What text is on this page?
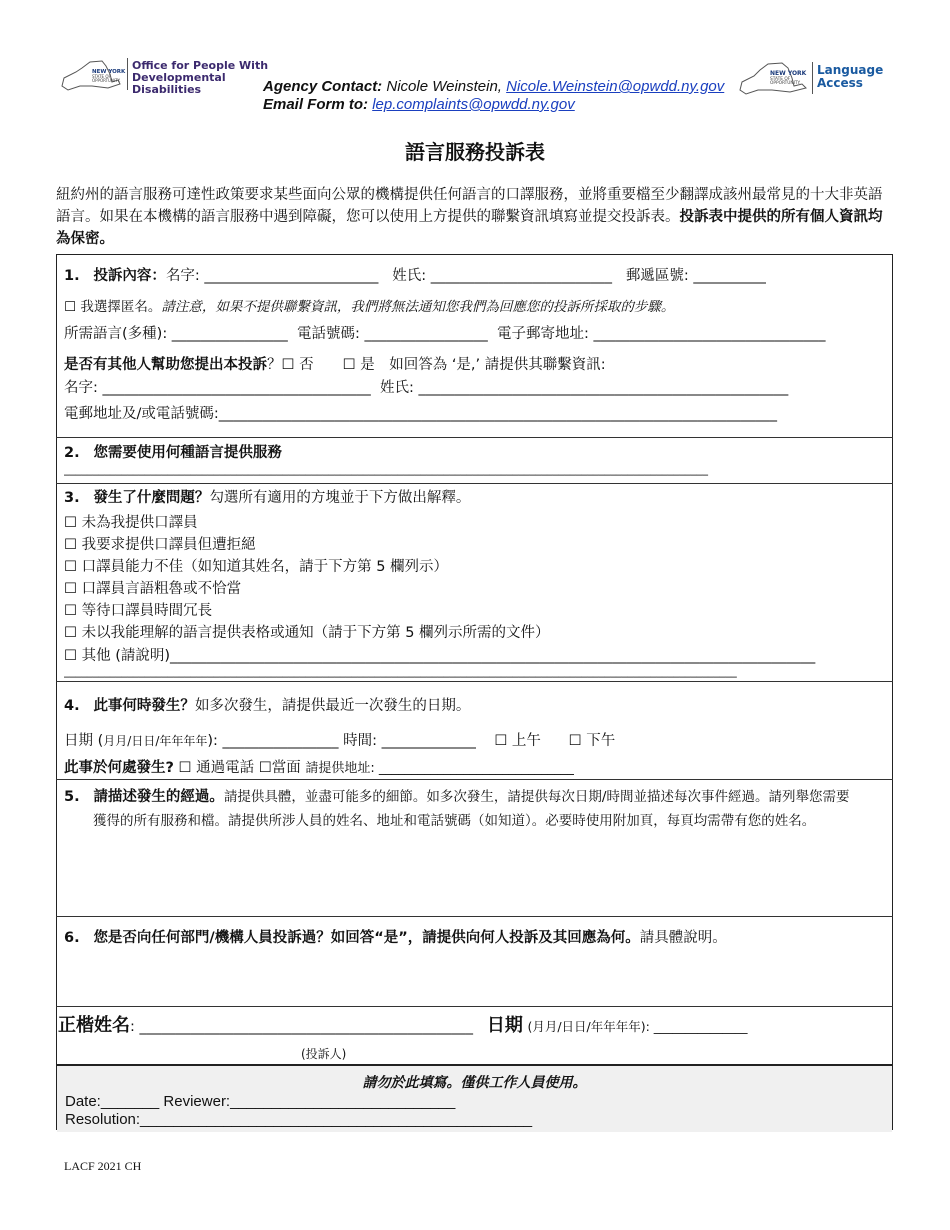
NEW YORK
STATE OF
OPPORTUNITY.
Office for People With Developmental Disabilities	Agency Contact: Nicole Weinstein, Nicole.Weinstein@opwdd.ny.gov
Email Form to: lep.complaints@opwdd.ny.gov
NEW YORK
STATE OF
OPPORTUNITY.
Language Access
語言服務投訴表
紐約州的語言服務可達性政策要求某些面向公眾的機構提供任何語言的口譯服務，並將重要檔至少翻譯成該州最常見的十大非英語語言。如果在本機構的語言服務中遇到障礙，您可以使用上方提供的聯繫資訊填寫並提交投訴表。投訴表中提供的所有個人資訊均為保密。
1. 投訴內容：名字: ________________________ 姓氏: _________________________ 郵遞區號: __________
☐ 我選擇匿名。請注意，如果不提供聯繫資訊，我們將無法通知您我們為回應您的投訴所採取的步驟。
所需語言(多種): ________________ 電話號碼: _________________ 電子郵寄地址: ________________________________
是否有其他人幫助您提出本投訴？☐ 否　　☐ 是　如回答為 ‘是,’ 請提供其聯繫資訊:
名字: _____________________________________ 姓氏: ___________________________________________________
電郵地址及/或電話號碼:_____________________________________________________________________________
2. 您需要使用何種語言提供服務
________________________________________________________________________________________________________________
3. 發生了什麼問題？勾選所有適用的方塊並于下方做出解釋。
☐ 未為我提供口譯員
☐ 我要求提供口譯員但遭拒絕
☐ 口譯員能力不佳（如知道其姓名，請于下方第 5 欄列示）
☐ 口譯員言語粗魯或不恰當
☐ 等待口譯員時間冗長
☐ 未以我能理解的語言提供表格或通知（請于下方第 5 欄列示所需的文件）
☐ 其他 (請說明)_________________________________________________________________________________________
_____________________________________________________________________________________________________________________
4. 此事何時發生？如多次發生，請提供最近一次發生的日期。
日期 (月月/日日/年年年年): ________________ 時間: _____________ ☐ 上午 ☐ 下午
此事於何處發生? ☐ 通過電話 ☐當面 請提供地址: ______________________________
5. 請描述發生的經過。請提供具體，並盡可能多的細節。如多次發生，請提供每次日期/時間並描述每次事件經過。請列舉您需要
獲得的所有服務和檔。請提供所涉人員的姓名、地址和電話號碼（如知道）。必要時使用附加頁，每頁均需帶有您的姓名。
6. 您是否向任何部門/機構人員投訴過？如回答“是”，請提供向何人投訴及其回應為何。請具體說明。
正楷姓名: ______________________________________________ 日期 (月月/日日/年年年年): _______________
(投訴人)
請勿於此填寫。僅供工作人員使用。
Date:_______ Reviewer:___________________________
Resolution:_______________________________________________
LACF 2021 CH
